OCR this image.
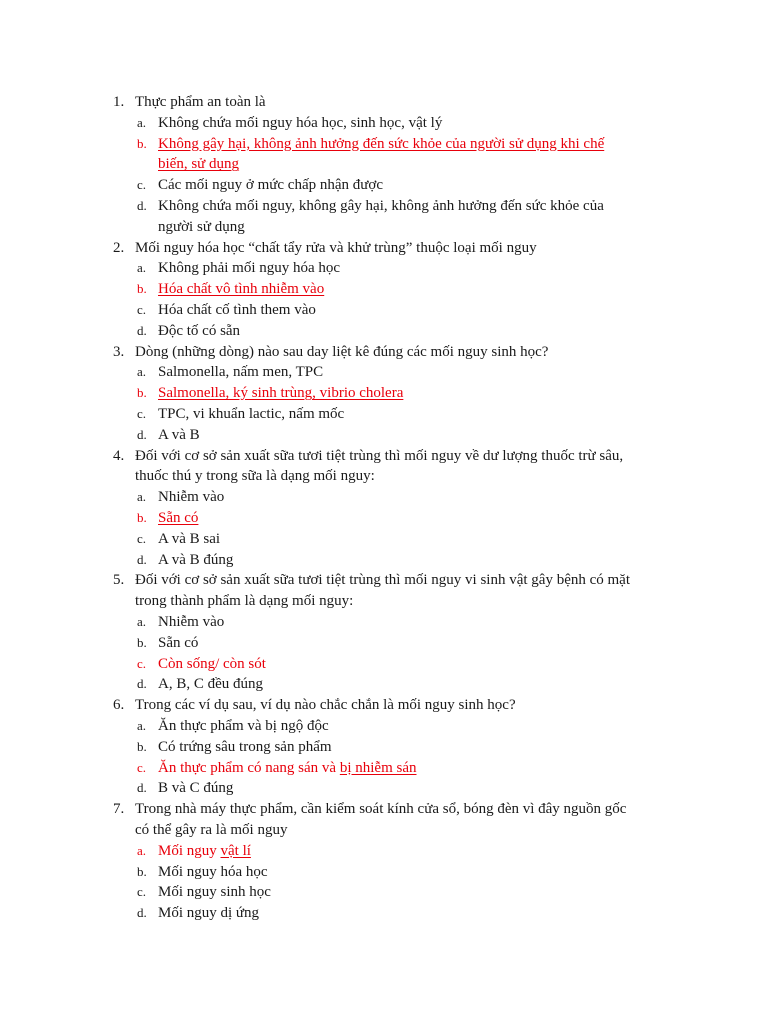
1. Thực phẩm an toàn là
a. Không chứa mối nguy hóa học, sinh học, vật lý
b. Không gây hại, không ảnh hưởng đến sức khỏe của người sử dụng khi chế
biến, sử dụng
c. Các mối nguy ở mức chấp nhận được
d. Không chứa mối nguy, không gây hại, không ảnh hưởng đến sức khỏe của
người sử dụng
2. Mối nguy hóa học “chất tẩy rửa và khử trùng” thuộc loại mối nguy
a. Không phải mối nguy hóa học
b. Hóa chất vô tình nhiễm vào
c. Hóa chất cố tình them vào
d. Độc tố có sẵn
3. Dòng (những dòng) nào sau day liệt kê đúng các mối nguy sinh học?
a. Salmonella, nấm men, TPC
b. Salmonella, ký sinh trùng, vibrio cholera
c. TPC, vi khuẩn lactic, nấm mốc
d. A và B
4. Đối với cơ sở sản xuất sữa tươi tiệt trùng thì mối nguy về dư lượng thuốc trừ sâu,
thuốc thú y trong sữa là dạng mối nguy:
a. Nhiễm vào
b. Sẵn có
c. A và B sai
d. A và B đúng
5. Đối với cơ sở sản xuất sữa tươi tiệt trùng thì mối nguy vi sinh vật gây bệnh có mặt
trong thành phẩm là dạng mối nguy:
a. Nhiễm vào
b. Sẵn có
c. Còn sống/ còn sót
d. A, B, C đều đúng
6. Trong các ví dụ sau, ví dụ nào chắc chắn là mối nguy sinh học?
a. Ăn thực phẩm và bị ngộ độc
b. Có trứng sâu trong sản phẩm
c. Ăn thực phẩm có nang sán và bị nhiễm sán
d. B và C đúng
7. Trong nhà máy thực phẩm, cần kiểm soát kính cửa sổ, bóng đèn vì đây nguồn gốc
có thể gây ra là mối nguy
a. Mối nguy vật lí
b. Mối nguy hóa học
c. Mối nguy sinh học
d. Mối nguy dị ứng
